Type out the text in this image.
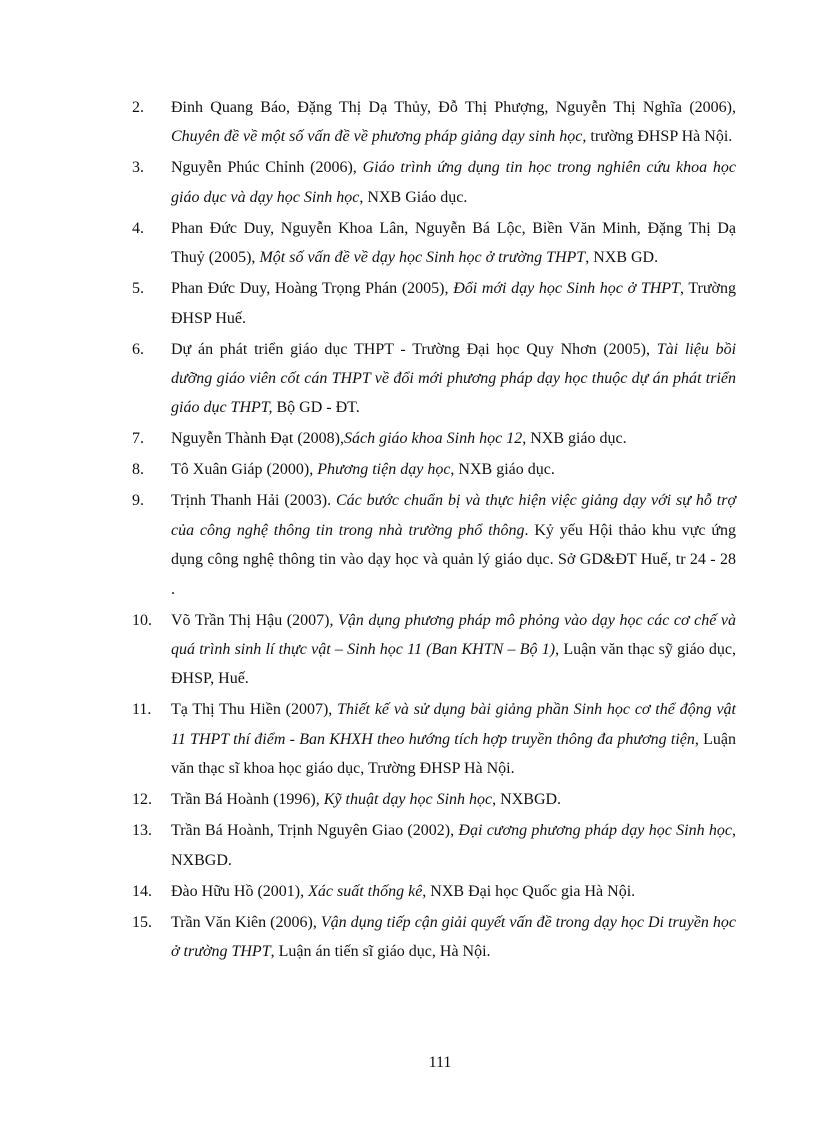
2.	Đinh Quang Báo, Đặng Thị Dạ Thủy, Đỗ Thị Phượng, Nguyễn Thị Nghĩa (2006), Chuyên đề về một số vấn đề về phương pháp giảng dạy sinh học, trường ĐHSP Hà Nội.
3.	Nguyễn Phúc Chỉnh (2006), Giáo trình ứng dụng tin học trong nghiên cứu khoa học giáo dục và dạy học Sinh học, NXB Giáo dục.
4.	Phan Đức Duy, Nguyễn Khoa Lân, Nguyễn Bá Lộc, Biền Văn Minh, Đặng Thị Dạ Thuỷ (2005), Một số vấn đề về dạy học Sinh học ở trường THPT, NXB GD.
5.	Phan Đức Duy, Hoàng Trọng Phán (2005), Đổi mới dạy học Sinh học ở THPT, Trường ĐHSP Huế.
6.	Dự án phát triển giáo dục THPT - Trường Đại học Quy Nhơn (2005), Tài liệu bồi dưỡng giáo viên cốt cán THPT về đổi mới phương pháp dạy học thuộc dự án phát triển giáo dục THPT, Bộ GD - ĐT.
7.	Nguyễn Thành Đạt (2008),Sách giáo khoa Sinh học 12, NXB giáo dục.
8.	Tô Xuân Giáp (2000), Phương tiện dạy học, NXB giáo dục.
9.	Trịnh Thanh Hải (2003). Các bước chuẩn bị và thực hiện việc giảng dạy với sự hỗ trợ của công nghệ thông tin trong nhà trường phổ thông. Kỷ yếu Hội thảo khu vực ứng dụng công nghệ thông tin vào dạy học và quản lý giáo dục. Sở GD&ĐT Huế, tr 24 - 28 .
10.	Võ Trần Thị Hậu (2007), Vận dụng phương pháp mô phỏng vào dạy học các cơ chế và quá trình sinh lí thực vật – Sinh học 11 (Ban KHTN – Bộ 1), Luận văn thạc sỹ giáo dục, ĐHSP, Huế.
11.	Tạ Thị Thu Hiền (2007), Thiết kế và sử dụng bài giảng phần Sinh học cơ thể động vật 11 THPT thí điểm - Ban KHXH theo hướng tích hợp truyền thông đa phương tiện, Luận văn thạc sĩ khoa học giáo dục, Trường ĐHSP Hà Nội.
12.	Trần Bá Hoành (1996), Kỹ thuật dạy học Sinh học, NXBGD.
13.	Trần Bá Hoành, Trịnh Nguyên Giao (2002), Đại cương phương pháp dạy học Sinh học, NXBGD.
14.	Đào Hữu Hồ (2001), Xác suất thống kê, NXB Đại học Quốc gia Hà Nội.
15.	Trần Văn Kiên (2006), Vận dụng tiếp cận giải quyết vấn đề trong dạy học Di truyền học ở trường THPT, Luận án tiến sĩ giáo dục, Hà Nội.
111
